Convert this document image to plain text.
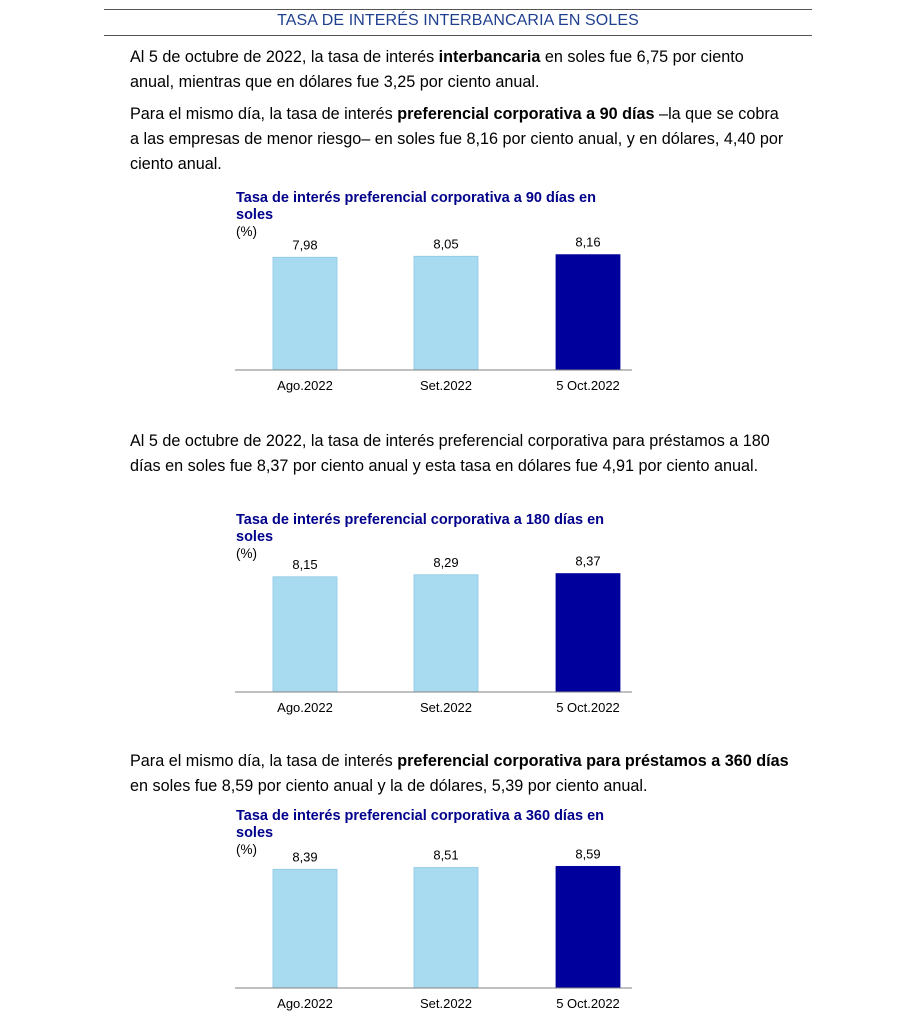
TASA DE INTERÉS INTERBANCARIA EN SOLES

Al 5 de octubre de 2022, la tasa de interés interbancaria en soles fue 6,75 por ciento anual, mientras que en dólares fue 3,25 por ciento anual.

Para el mismo día, la tasa de interés preferencial corporativa a 90 días –la que se cobra a las empresas de menor riesgo– en soles fue 8,16 por ciento anual, y en dólares, 4,40 por ciento anual.

Tasa de interés preferencial corporativa a 90 días en soles
(%)
7,98
Ago.2022
8,05
Set.2022
8,16
5 Oct.2022

Al 5 de octubre de 2022, la tasa de interés preferencial corporativa para préstamos a 180 días en soles fue 8,37 por ciento anual y esta tasa en dólares fue 4,91 por ciento anual.

Tasa de interés preferencial corporativa a 180 días en soles
(%)
8,15
Ago.2022
8,29
Set.2022
8,37
5 Oct.2022

Para el mismo día, la tasa de interés preferencial corporativa para préstamos a 360 días en soles fue 8,59 por ciento anual y la de dólares, 5,39 por ciento anual.

Tasa de interés preferencial corporativa a 360 días en soles
(%)	8,39
Ago.2022
8,51
Set.2022
8,59
5 Oct.2022
